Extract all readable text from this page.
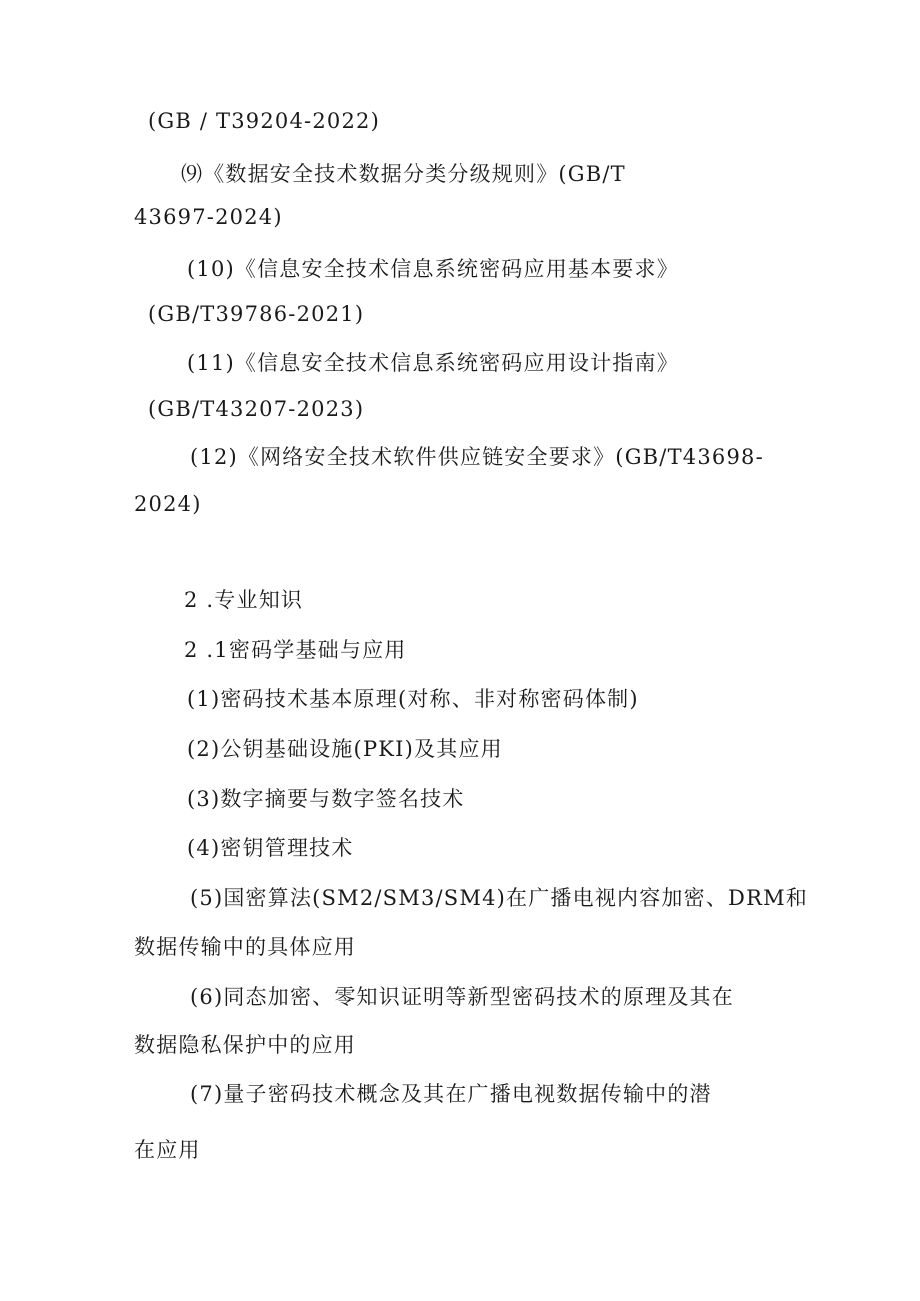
(GB / T39204-2022)
⑼《数据安全技术数据分类分级规则》(GB/T
43697-2024)
(10)《信息安全技术信息系统密码应用基本要求》
(GB/T39786-2021)
(11)《信息安全技术信息系统密码应用设计指南》
(GB/T43207-2023)
(12)《网络安全技术软件供应链安全要求》(GB/T43698-
2024)
2 .专业知识
2 .1密码学基础与应用
(1)密码技术基本原理(对称、非对称密码体制)
(2)公钥基础设施(PKI)及其应用
(3)数字摘要与数字签名技术
(4)密钥管理技术
(5)国密算法(SM2/SM3/SM4)在广播电视内容加密、DRM和
数据传输中的具体应用
(6)同态加密、零知识证明等新型密码技术的原理及其在
数据隐私保护中的应用
(7)量子密码技术概念及其在广播电视数据传输中的潜
在应用
